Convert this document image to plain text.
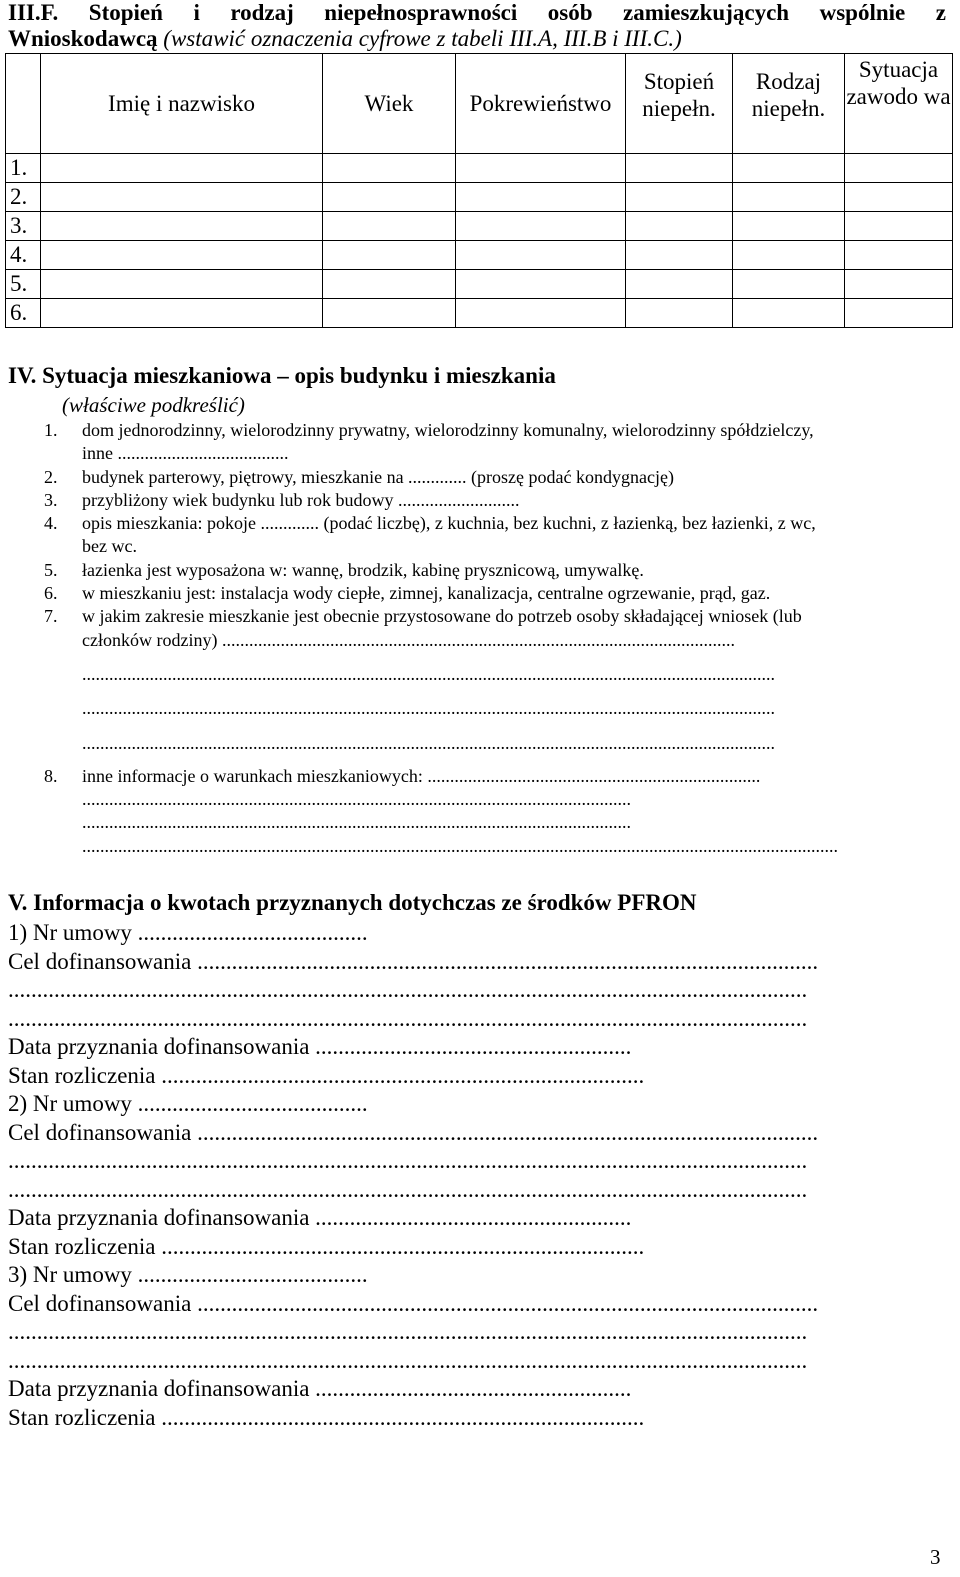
III.F. Stopień i rodzaj niepełnosprawności osób zamieszkujących wspólnie z
Wnioskodawcą (wstawić oznaczenia cyfrowe z tabeli III.A, III.B i III.C.)
	Imię i nazwisko	Wiek	Pokrewieństwo	Stopień niepełn.	Rodzaj niepełn.	Sytuacja zawodo wa
1.						
2.						
3.						
4.						
5.						
6.						
IV. Sytuacja mieszkaniowa – opis budynku i mieszkania
(właściwe podkreślić)
1. dom jednorodzinny, wielorodzinny prywatny, wielorodzinny komunalny, wielorodzinny spółdzielczy,
inne ......................................
2. budynek parterowy, piętrowy, mieszkanie na ............. (proszę podać kondygnację)
3. przybliżony wiek budynku lub rok budowy ...........................
4. opis mieszkania: pokoje ............. (podać liczbę), z kuchnia, bez kuchni, z łazienką, bez łazienki, z wc,
bez wc.
5. łazienka jest wyposażona w: wannę, brodzik, kabinę prysznicową, umywalkę.
6. w mieszkaniu jest: instalacja wody ciepłe, zimnej, kanalizacja, centralne ogrzewanie, prąd, gaz.
7. w jakim zakresie mieszkanie jest obecnie przystosowane do potrzeb osoby składającej wniosek (lub
członków rodziny) ..................................................................................................................
..........................................................................................................................................................
..........................................................................................................................................................
..........................................................................................................................................................
8. inne informacje o warunkach mieszkaniowych: ..........................................................................
..........................................................................................................................
..........................................................................................................................
........................................................................................................................................................................
V. Informacja o kwotach przyznanych dotychczas ze środków PFRON
1) Nr umowy ........................................
Cel dofinansowania ............................................................................................................
...........................................................................................................................................
...........................................................................................................................................
Data przyznania dofinansowania .......................................................
Stan rozliczenia ....................................................................................
2) Nr umowy ........................................
Cel dofinansowania ............................................................................................................
...........................................................................................................................................
...........................................................................................................................................
Data przyznania dofinansowania .......................................................
Stan rozliczenia ....................................................................................
3) Nr umowy ........................................
Cel dofinansowania ............................................................................................................
...........................................................................................................................................
...........................................................................................................................................
Data przyznania dofinansowania .......................................................
Stan rozliczenia ....................................................................................
3
